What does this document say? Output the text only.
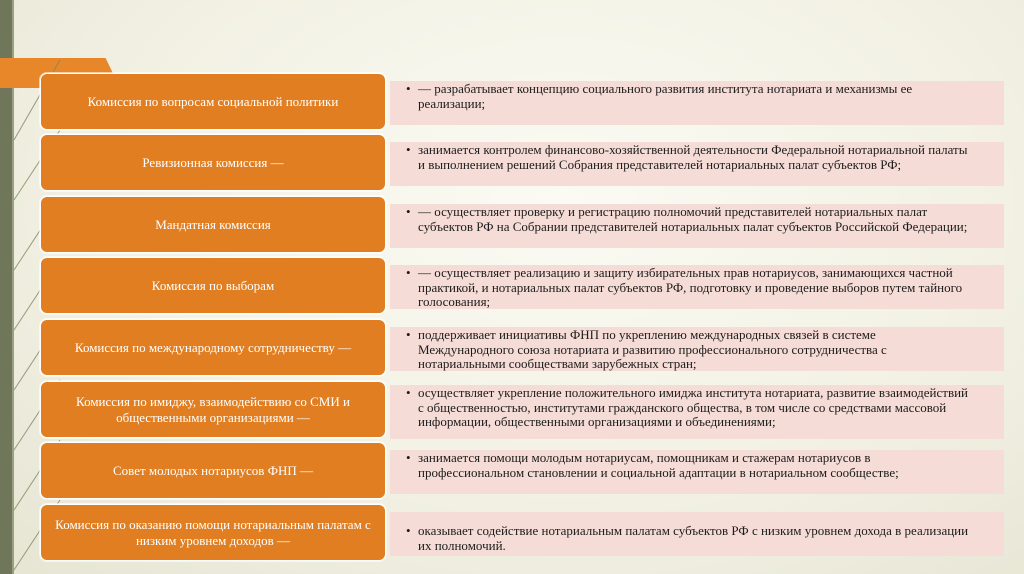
Комиссия по вопросам социальной политики
• — разрабатывает концепцию социального развития института нотариата и механизмы ее реализации;
Ревизионная комиссия —
• занимается контролем финансово-хозяйственной деятельности Федеральной нотариальной палаты и выполнением решений Собрания представителей нотариальных палат субъектов РФ;
Мандатная комиссия
• — осуществляет проверку и регистрацию полномочий представителей нотариальных палат субъектов РФ на Собрании представителей нотариальных палат субъектов Российской Федерации;
Комиссия по выборам
• — осуществляет реализацию и защиту избирательных прав нотариусов, занимающихся частной практикой, и нотариальных палат субъектов РФ, подготовку и проведение выборов путем тайного голосования;
Комиссия по международному сотрудничеству —
• поддерживает инициативы ФНП по укреплению международных связей в системе Международного союза нотариата и развитию профессионального сотрудничества с нотариальными сообществами зарубежных стран;
Комиссия по имиджу, взаимодействию со СМИ и общественными организациями —
• осуществляет укрепление положительного имиджа института нотариата, развитие взаимодействий с общественностью, институтами гражданского общества, в том числе со средствами массовой информации, общественными организациями и объединениями;
Совет молодых нотариусов ФНП —
• занимается помощи молодым нотариусам, помощникам и стажерам нотариусов в профессиональном становлении и социальной адаптации в нотариальном сообществе;
Комиссия по оказанию помощи нотариальным палатам с низким уровнем доходов —
• оказывает содействие нотариальным палатам субъектов РФ с низким уровнем дохода в реализации их полномочий.
